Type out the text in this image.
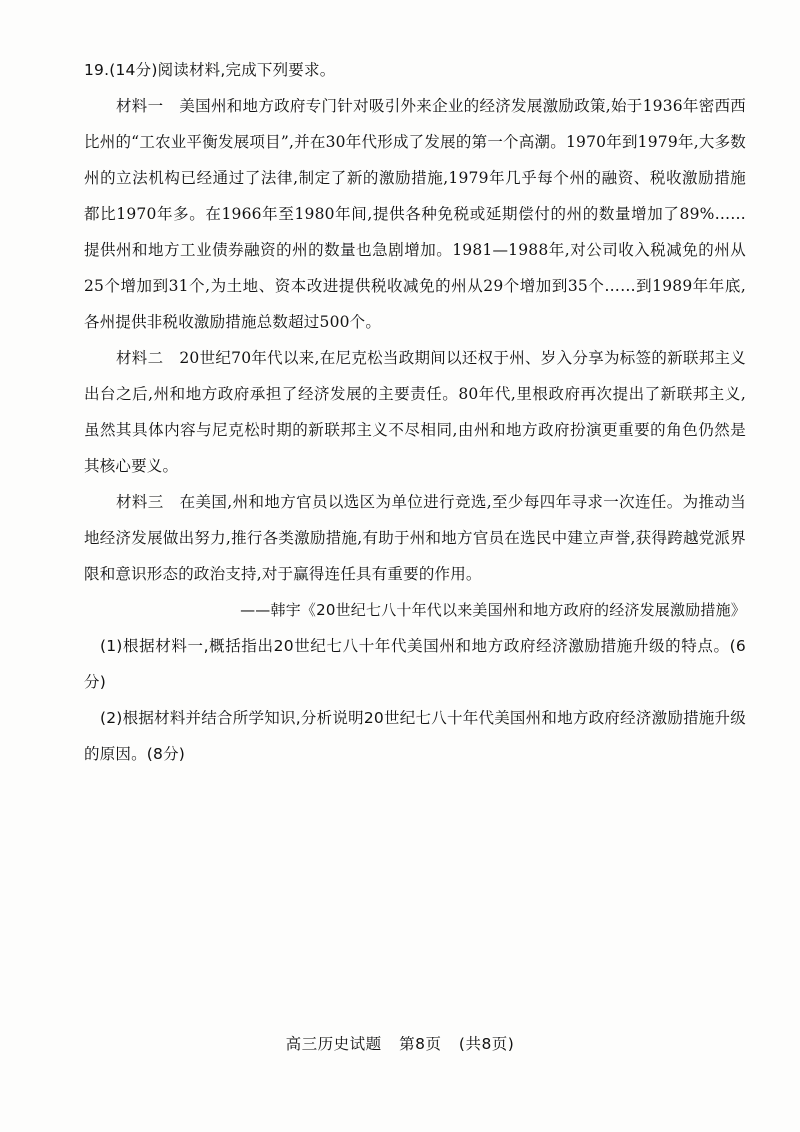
19.(14分)阅读材料,完成下列要求。

材料一 美国州和地方政府专门针对吸引外来企业的经济发展激励政策,始于1936年密西西比州的“工农业平衡发展项目”,并在30年代形成了发展的第一个高潮。1970年到1979年,大多数州的立法机构已经通过了法律,制定了新的激励措施,1979年几乎每个州的融资、税收激励措施都比1970年多。在1966年至1980年间,提供各种免税或延期偿付的州的数量增加了89%……提供州和地方工业债券融资的州的数量也急剧增加。1981—1988年,对公司收入税减免的州从25个增加到31个,为土地、资本改进提供税收减免的州从29个增加到35个……到1989年年底,各州提供非税收激励措施总数超过500个。

材料二 20世纪70年代以来,在尼克松当政期间以还权于州、岁入分享为标签的新联邦主义出台之后,州和地方政府承担了经济发展的主要责任。80年代,里根政府再次提出了新联邦主义,虽然其具体内容与尼克松时期的新联邦主义不尽相同,由州和地方政府扮演更重要的角色仍然是其核心要义。

材料三 在美国,州和地方官员以选区为单位进行竞选,至少每四年寻求一次连任。为推动当地经济发展做出努力,推行各类激励措施,有助于州和地方官员在选民中建立声誉,获得跨越党派界限和意识形态的政治支持,对于赢得连任具有重要的作用。

——韩宇《20世纪七八十年代以来美国州和地方政府的经济发展激励措施》

(1)根据材料一,概括指出20世纪七八十年代美国州和地方政府经济激励措施升级的特点。(6分)

(2)根据材料并结合所学知识,分析说明20世纪七八十年代美国州和地方政府经济激励措施升级的原因。(8分)

高三历史试题 第8页 (共8页)
